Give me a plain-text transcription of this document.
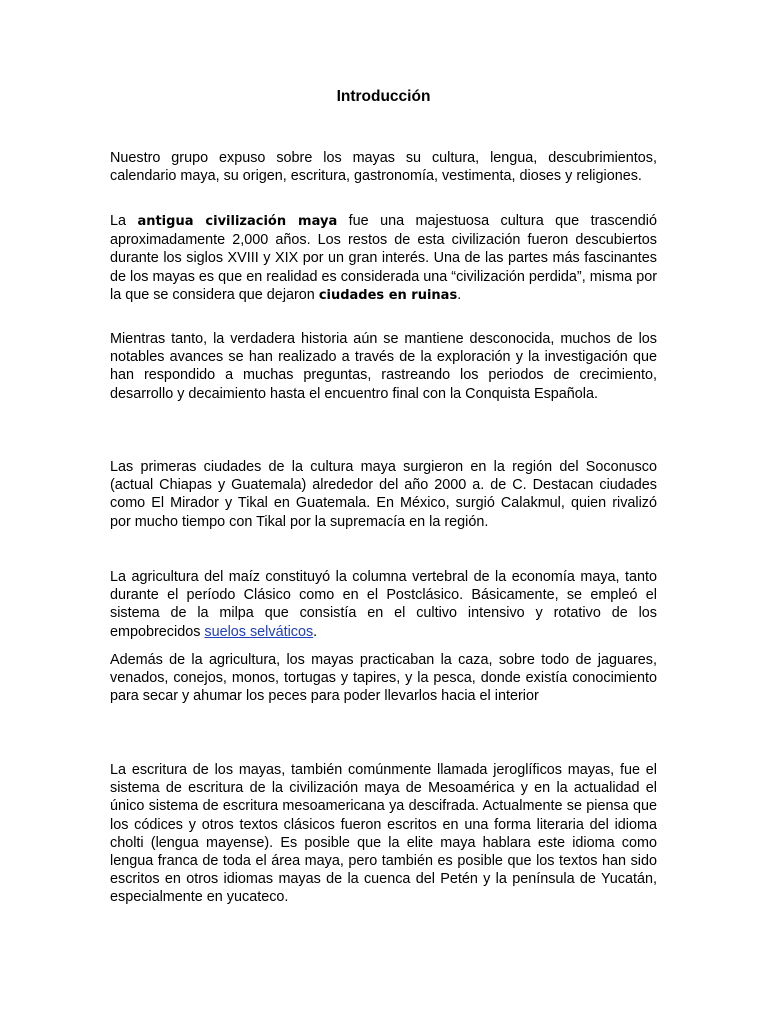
Introducción

Nuestro grupo expuso sobre los mayas su cultura, lengua, descubrimientos, calendario maya, su origen, escritura, gastronomía, vestimenta, dioses y religiones.

La antigua civilización maya fue una majestuosa cultura que trascendió aproximadamente 2,000 años. Los restos de esta civilización fueron descubiertos durante los siglos XVIII y XIX por un gran interés. Una de las partes más fascinantes de los mayas es que en realidad es considerada una “civilización perdida”, misma por la que se considera que dejaron ciudades en ruinas.

Mientras tanto, la verdadera historia aún se mantiene desconocida, muchos de los notables avances se han realizado a través de la exploración y la investigación que han respondido a muchas preguntas, rastreando los periodos de crecimiento, desarrollo y decaimiento hasta el encuentro final con la Conquista Española.

Las primeras ciudades de la cultura maya surgieron en la región del Soconusco (actual Chiapas y Guatemala) alrededor del año 2000 a. de C. Destacan ciudades como El Mirador y Tikal en Guatemala. En México, surgió Calakmul, quien rivalizó por mucho tiempo con Tikal por la supremacía en la región.

La agricultura del maíz constituyó la columna vertebral de la economía maya, tanto durante el período Clásico como en el Postclásico. Básicamente, se empleó el sistema de la milpa que consistía en el cultivo intensivo y rotativo de los empobrecidos suelos selváticos.

Además de la agricultura, los mayas practicaban la caza, sobre todo de jaguares, venados, conejos, monos, tortugas y tapires, y la pesca, donde existía conocimiento para secar y ahumar los peces para poder llevarlos hacia el interior

La escritura de los mayas, también comúnmente llamada jeroglíficos mayas, fue el sistema de escritura de la civilización maya de Mesoamérica y en la actualidad el único sistema de escritura mesoamericana ya descifrada. Actualmente se piensa que los códices y otros textos clásicos fueron escritos en una forma literaria del idioma cholti (lengua mayense). Es posible que la elite maya hablara este idioma como lengua franca de toda el área maya, pero también es posible que los textos han sido escritos en otros idiomas mayas de la cuenca del Petén y la península de Yucatán, especialmente en yucateco.
